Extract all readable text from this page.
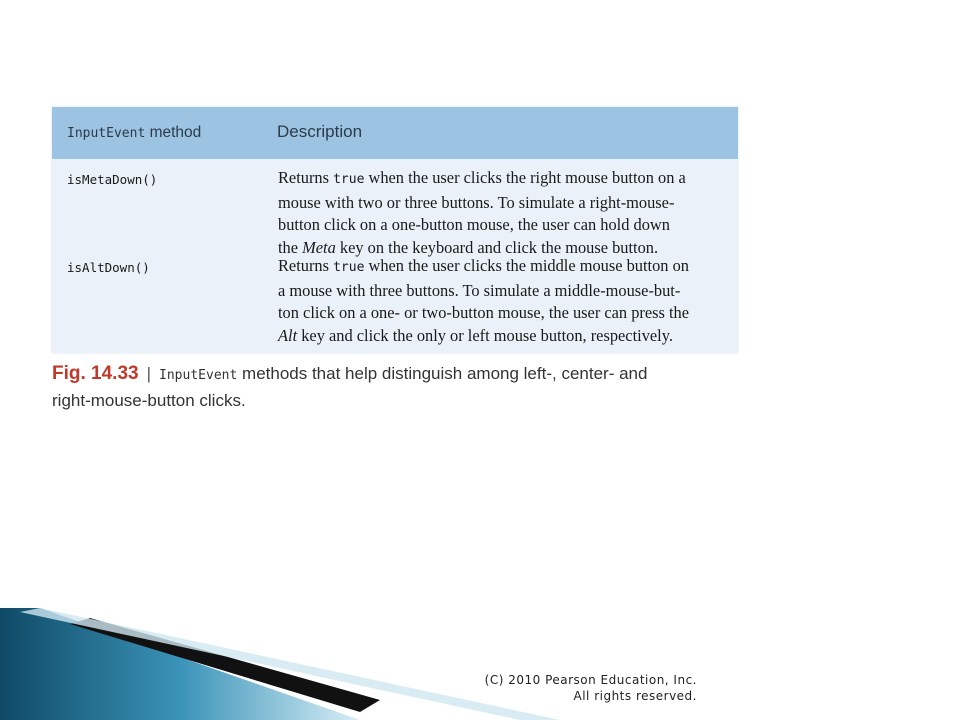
InputEvent method	Description
isMetaDown()	Returns true when the user clicks the right mouse button on a
mouse with two or three buttons. To simulate a right-mouse-
button click on a one-button mouse, the user can hold down
the Meta key on the keyboard and click the mouse button.
isAltDown()	Returns true when the user clicks the middle mouse button on
a mouse with three buttons. To simulate a middle-mouse-but-
ton click on a one- or two-button mouse, the user can press the
Alt key and click the only or left mouse button, respectively.
Fig. 14.33 | InputEvent methods that help distinguish among left-, center- and
right-mouse-button clicks.
(C) 2010 Pearson Education, Inc.
All rights reserved.
